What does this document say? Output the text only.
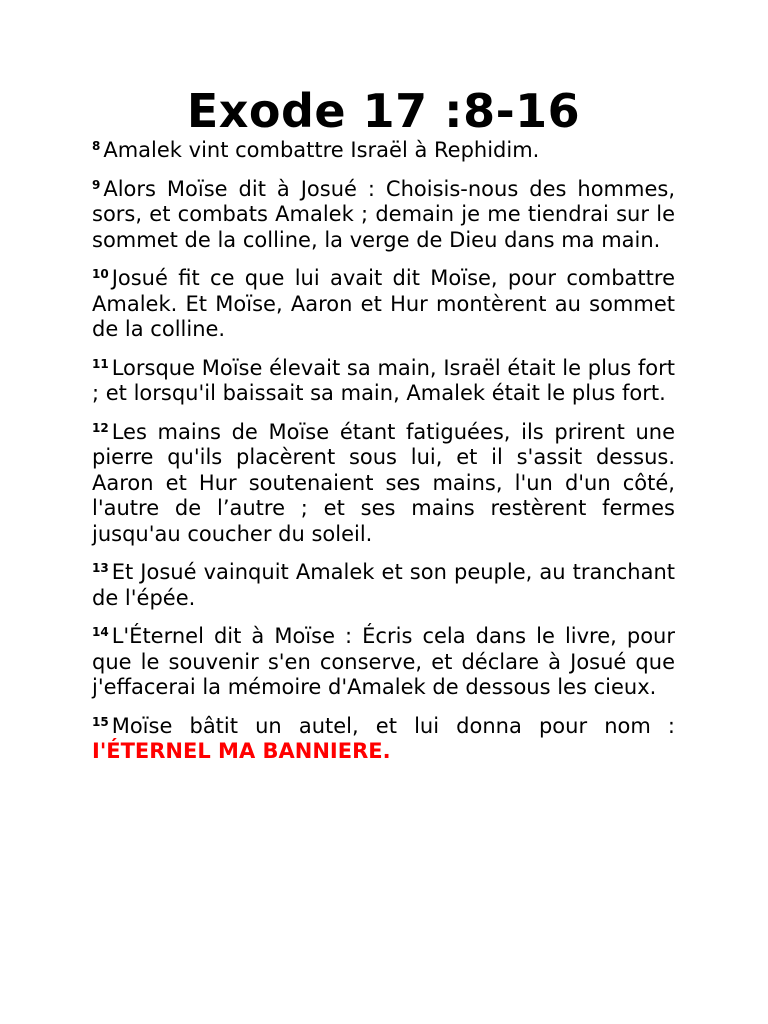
Exode 17 :8-16

$^8$ Amalek vint combattre Israël à Rephidim.

$^9$ Alors Moïse dit à Josué : Choisis-nous des hommes, sors, et combats Amalek ; demain je me tiendrai sur le sommet de la colline, la verge de Dieu dans ma main.

$^{10}$ Josué fit ce que lui avait dit Moïse, pour combattre Amalek. Et Moïse, Aaron et Hur montèrent au sommet de la colline.

$^{11}$ Lorsque Moïse élevait sa main, Israël était le plus fort ; et lorsqu'il baissait sa main, Amalek était le plus fort.

$^{12}$ Les mains de Moïse étant fatiguées, ils prirent une pierre qu'ils placèrent sous lui, et il s'assit dessus. Aaron et Hur soutenaient ses mains, l'un d'un côté, l'autre de l’autre ; et ses mains restèrent fermes jusqu'au coucher du soleil.

$^{13}$ Et Josué vainquit Amalek et son peuple, au tranchant de l'épée.

$^{14}$ L'Éternel dit à Moïse : Écris cela dans le livre, pour que le souvenir s'en conserve, et déclare à Josué que j'effacerai la mémoire d'Amalek de dessous les cieux.

$^{15}$ Moïse bâtit un autel, et lui donna pour nom : I'ÉTERNEL MA BANNIERE.
